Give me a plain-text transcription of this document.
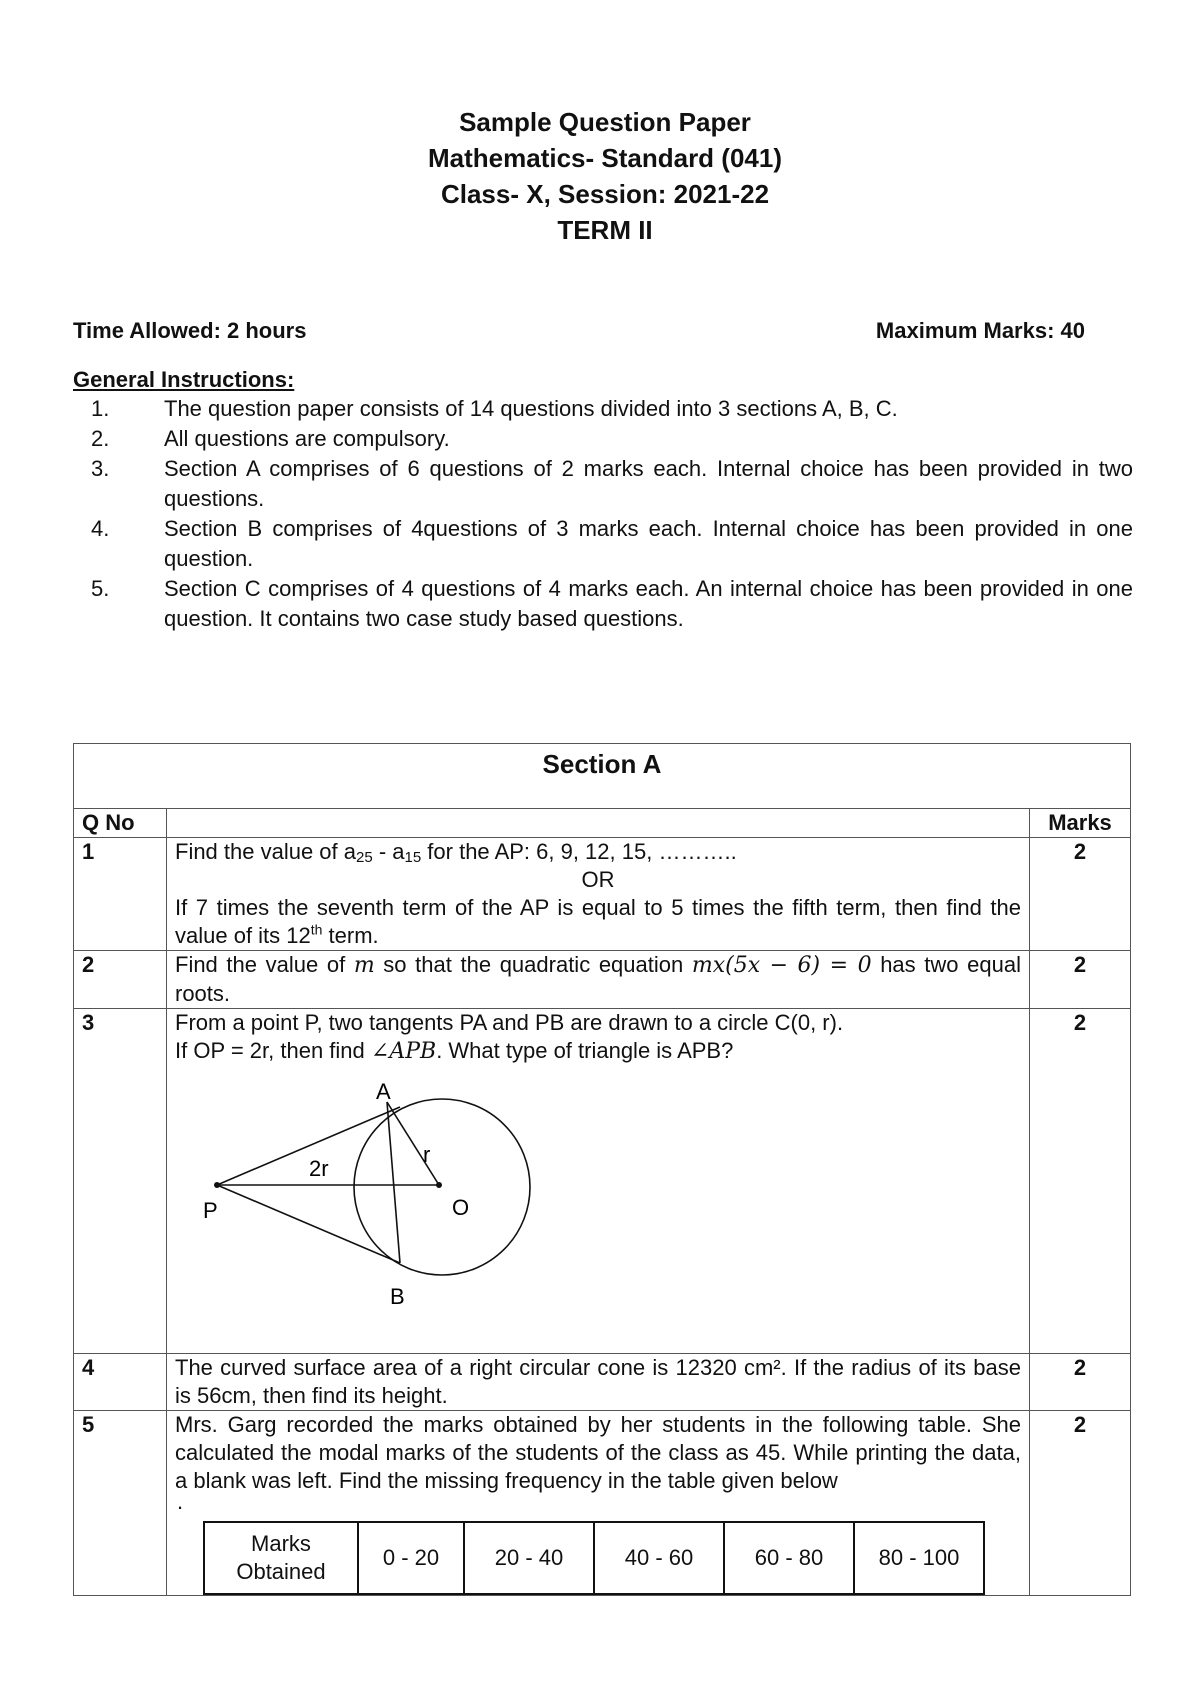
Sample Question Paper
Mathematics- Standard (041)
Class- X, Session: 2021-22
TERM II
Time Allowed: 2 hours	Maximum Marks: 40
General Instructions:
1. The question paper consists of 14 questions divided into 3 sections A, B, C.
2. All questions are compulsory.
3. Section A comprises of 6 questions of 2 marks each. Internal choice has been provided in two questions.
4. Section B comprises of 4questions of 3 marks each. Internal choice has been provided in one question.
5. Section C comprises of 4 questions of 4 marks each. An internal choice has been provided in one question. It contains two case study based questions.
Section A
Q No		Marks
1	Find the value of $a_{25} - a_{15}$ for the AP: 6, 9, 12, 15, ………..
OR
If 7 times the seventh term of the AP is equal to 5 times the fifth term, then find the value of its 12th term.
	2
2	Find the value of m so that the quadratic equation mx(5x − 6) = 0 has two equal roots.	2
3	From a point P, two tangents PA and PB are drawn to a circle C(0, r).
If OP = 2r, then find ∠APB. What type of triangle is APB?
A
r
2r
P	O
B
	2
4	The curved surface area of a right circular cone is 12320 cm². If the radius of its base is 56cm, then find its height.	2
5	Mrs. Garg recorded the marks obtained by her students in the following table. She calculated the modal marks of the students of the class as 45. While printing the data, a blank was left. Find the missing frequency in the table given below
.
Marks Obtained	0 - 20	20 - 40	40 - 60	60 - 80	80 - 100
	2
